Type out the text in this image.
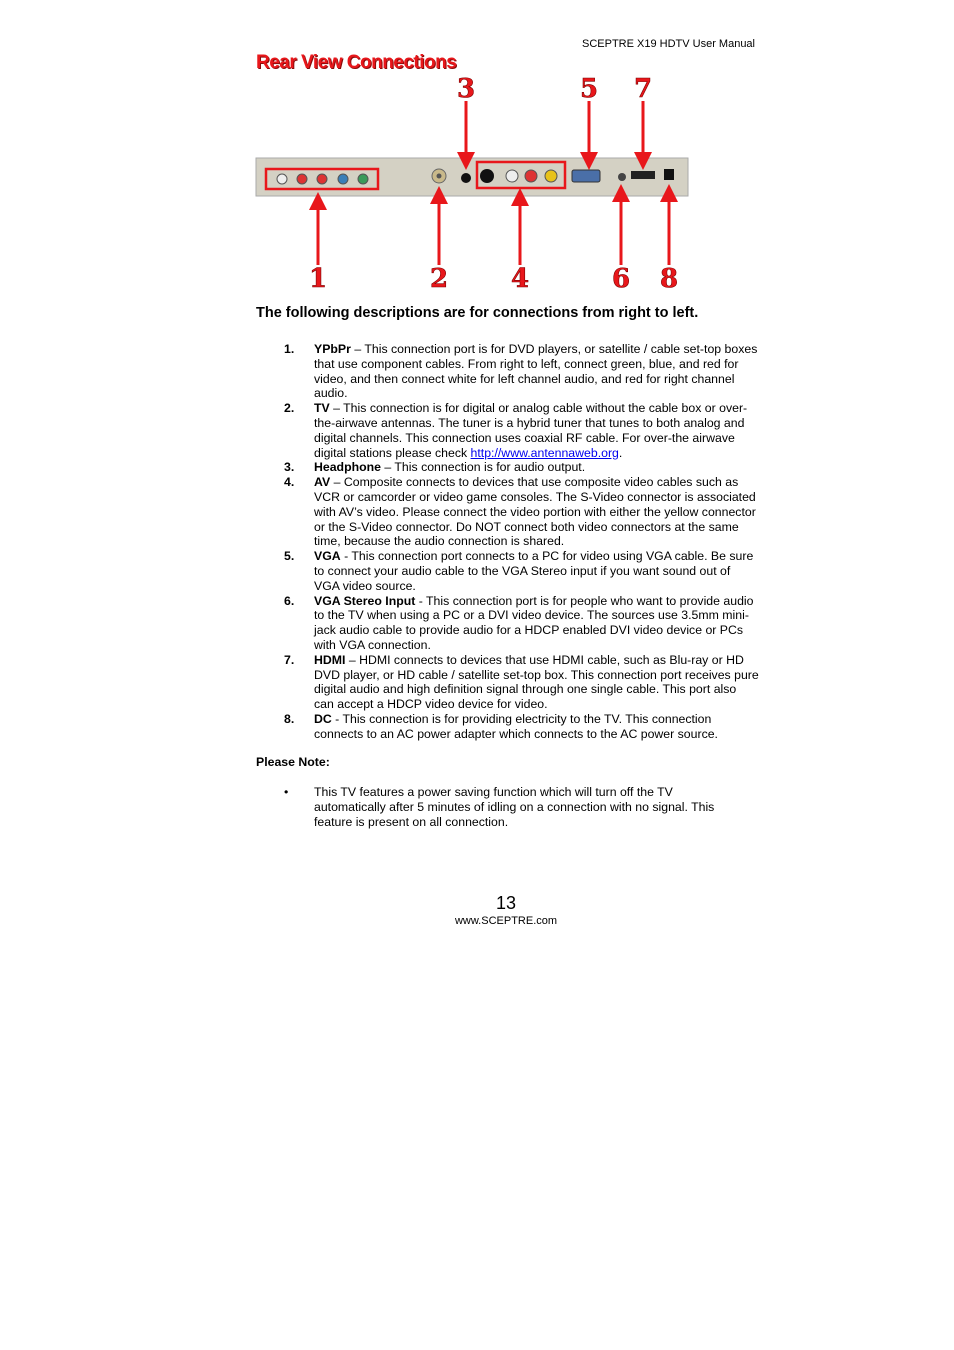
SCEPTRE X19 HDTV User Manual
Rear View Connections
3	5 7
1	2 4	6 8
The following descriptions are for connections from right to left.
1. YPbPr – This connection port is for DVD players, or satellite / cable set-top boxes that use component cables. From right to left, connect green, blue, and red for video, and then connect white for left channel audio, and red for right channel audio.
2. TV – This connection is for digital or analog cable without the cable box or over-the-airwave antennas. The tuner is a hybrid tuner that tunes to both analog and digital channels. This connection uses coaxial RF cable. For over-the airwave digital stations please check http://www.antennaweb.org.
3. Headphone – This connection is for audio output.
4. AV – Composite connects to devices that use composite video cables such as VCR or camcorder or video game consoles. The S-Video connector is associated with AV’s video. Please connect the video portion with either the yellow connector or the S-Video connector. Do NOT connect both video connectors at the same time, because the audio connection is shared.
5. VGA - This connection port connects to a PC for video using VGA cable. Be sure to connect your audio cable to the VGA Stereo input if you want sound out of VGA video source.
6. VGA Stereo Input - This connection port is for people who want to provide audio to the TV when using a PC or a DVI video device. The sources use 3.5mm mini-jack audio cable to provide audio for a HDCP enabled DVI video device or PCs with VGA connection.
7. HDMI – HDMI connects to devices that use HDMI cable, such as Blu-ray or HD DVD player, or HD cable / satellite set-top box. This connection port receives pure digital audio and high definition signal through one single cable. This port also can accept a HDCP video device for video.
8. DC - This connection is for providing electricity to the TV. This connection connects to an AC power adapter which connects to the AC power source.
Please Note:
• This TV features a power saving function which will turn off the TV automatically after 5 minutes of idling on a connection with no signal. This feature is present on all connection.
13
www.SCEPTRE.com
